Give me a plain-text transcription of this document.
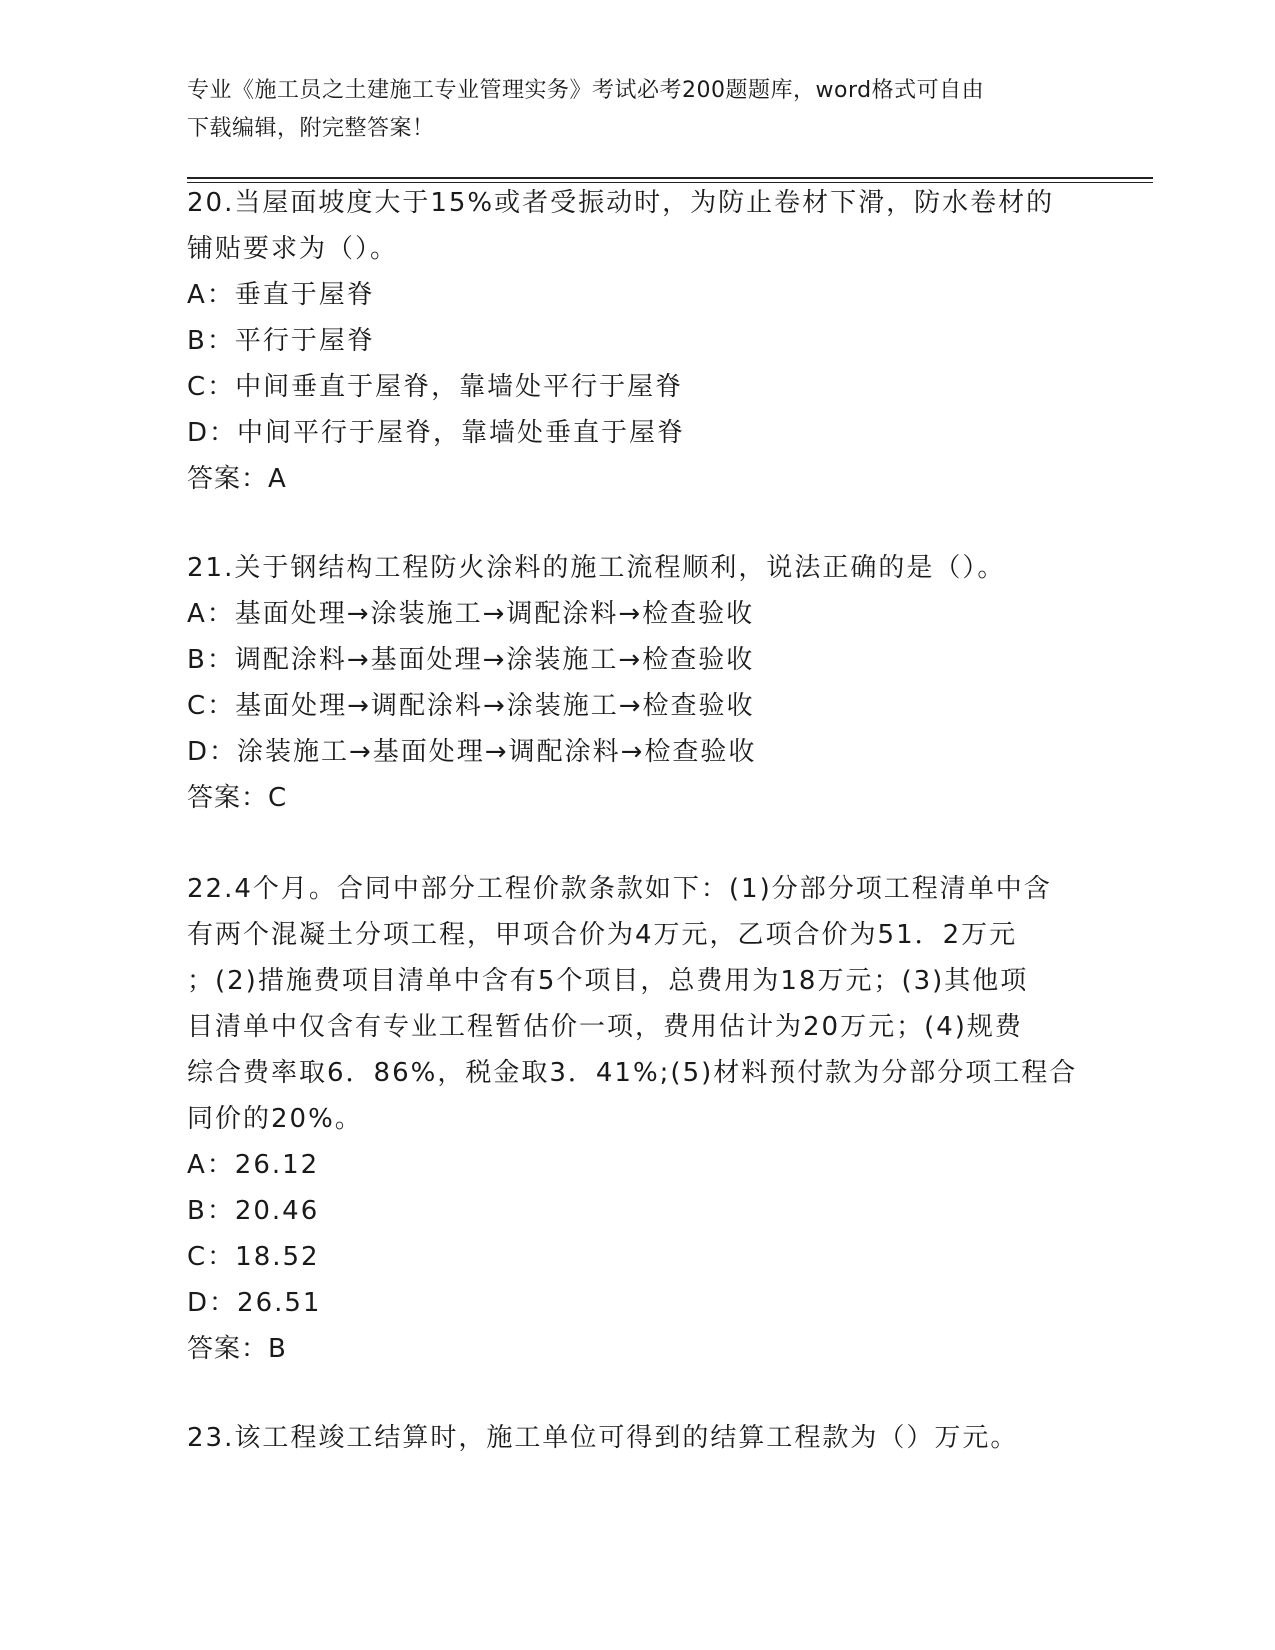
专业《施工员之土建施工专业管理实务》考试必考200题题库，word格式可自由
下载编辑，附完整答案！
20.当屋面坡度大于15%或者受振动时，为防止卷材下滑，防水卷材的
铺贴要求为（）。
A：垂直于屋脊
B：平行于屋脊
C：中间垂直于屋脊，靠墙处平行于屋脊
D：中间平行于屋脊，靠墙处垂直于屋脊
答案：A
21.关于钢结构工程防火涂料的施工流程顺利，说法正确的是（）。
A：基面处理→涂装施工→调配涂料→检查验收
B：调配涂料→基面处理→涂装施工→检查验收
C：基面处理→调配涂料→涂装施工→检查验收
D：涂装施工→基面处理→调配涂料→检查验收
答案：C
22.4个月。合同中部分工程价款条款如下：(1)分部分项工程清单中含
有两个混凝土分项工程，甲项合价为4万元，乙项合价为51．2万元
；(2)措施费项目清单中含有5个项目，总费用为18万元；(3)其他项
目清单中仅含有专业工程暂估价一项，费用估计为20万元；(4)规费
综合费率取6．86%，税金取3．41%;(5)材料预付款为分部分项工程合
同价的20%。
A：26.12
B：20.46
C：18.52
D：26.51
答案：B
23.该工程竣工结算时，施工单位可得到的结算工程款为（）万元。
